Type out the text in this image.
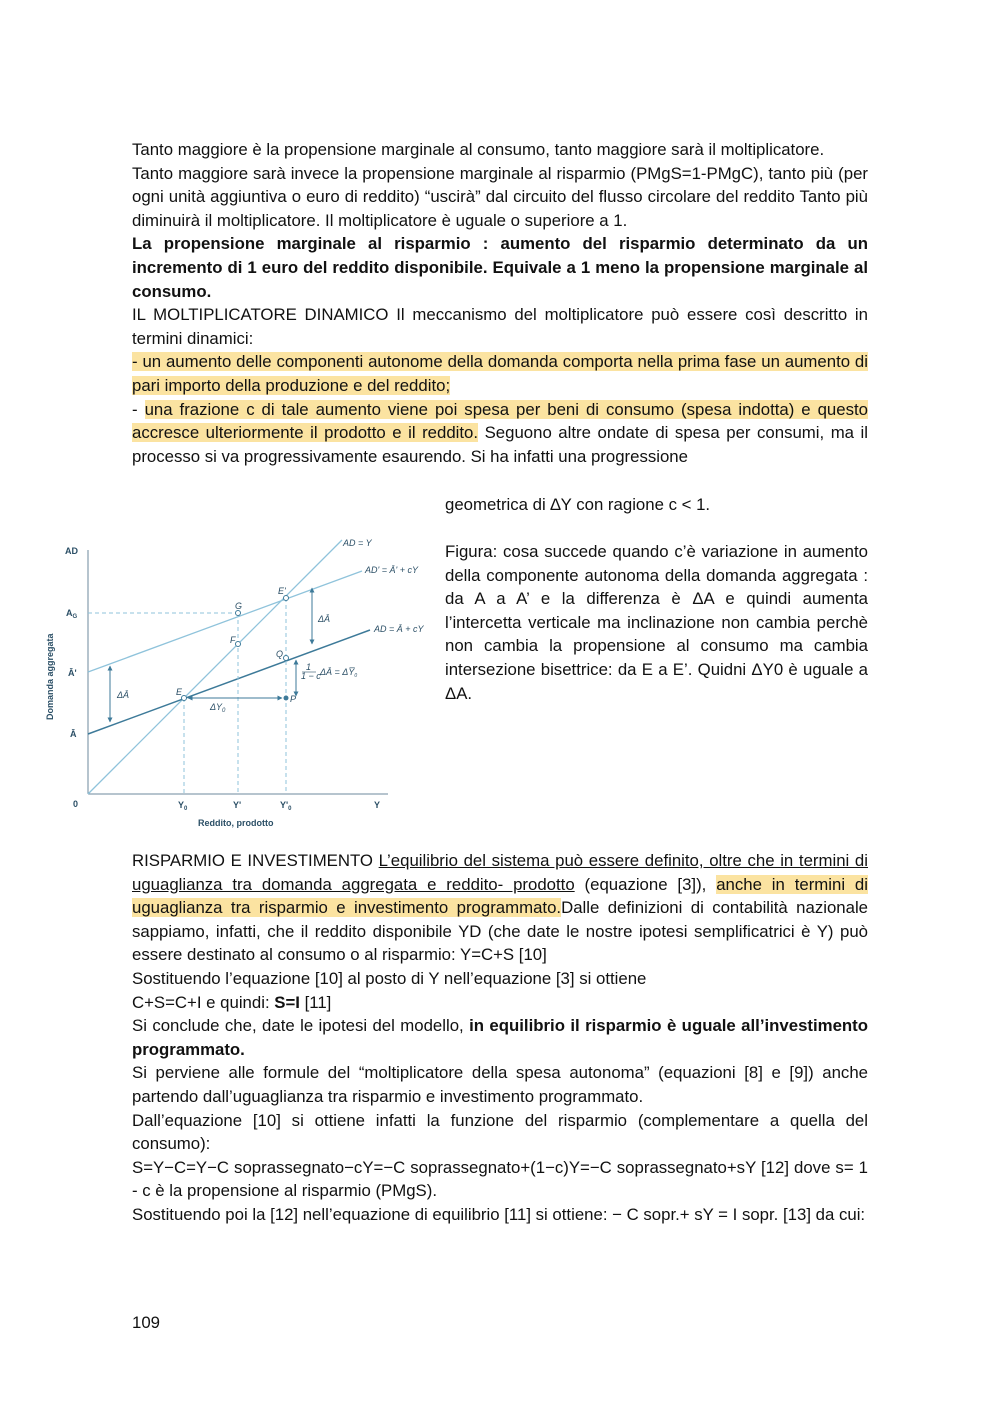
Tanto maggiore è la propensione marginale al consumo, tanto maggiore sarà il moltiplicatore.

Tanto maggiore sarà invece la propensione marginale al risparmio (PMgS=1-PMgC), tanto più (per ogni unità aggiuntiva o euro di reddito) “uscirà” dal circuito del flusso circolare del reddito Tanto più diminuirà il moltiplicatore. Il moltiplicatore è uguale o superiore a 1.

La propensione marginale al risparmio : aumento del risparmio determinato da un incremento di 1 euro del reddito disponibile. Equivale a 1 meno la propensione marginale al consumo.

IL MOLTIPLICATORE DINAMICO Il meccanismo del moltiplicatore può essere così descritto in termini dinamici:

- un aumento delle componenti autonome della domanda comporta nella prima fase un aumento di pari importo della produzione e del reddito;

- una frazione c di tale aumento viene poi spesa per beni di consumo (spesa indotta) e questo accresce ulteriormente il prodotto e il reddito. Seguono altre ondate di spesa per consumi, ma il processo si va progressivamente esaurendo. Si ha infatti una progressione

geometrica di ∆Y con ragione c < 1.

AD
Y
0
Domanda aggregata
Reddito, prodotto
AD = Y
AD' = Ā' + cY
AD = Ā + cY
$A_G$
Ā'
Ā
$Y_0$	Y'	$Y'_0$
E
E'
G
F
Q
P
ΔĀ
$\Delta Y_0$
ΔĀ
1
1 − c ΔĀ = $\Delta Y̅_0$

Figura: cosa succede quando c’è variazione in aumento della componente autonoma della domanda aggregata : da A a A’ e la differenza è ΔA e quindi aumenta l’intercetta verticale ma inclinazione non cambia perchè non cambia la propensione al consumo ma cambia intersezione bisettrice: da E a E’. Quidni ΔY0 è uguale a ΔA.

RISPARMIO E INVESTIMENTO L’equilibrio del sistema può essere definito, oltre che in termini di uguaglianza tra domanda aggregata e reddito- prodotto (equazione [3]), anche in termini di uguaglianza tra risparmio e investimento programmato.Dalle definizioni di contabilità nazionale sappiamo, infatti, che il reddito disponibile YD (che date le nostre ipotesi semplificatrici è Y) può essere destinato al consumo o al risparmio: Y=C+S [10]

Sostituendo l’equazione [10] al posto di Y nell’equazione [3] si ottiene

C+S=C+I e quindi: S=I [11]

Si conclude che, date le ipotesi del modello, in equilibrio il risparmio è uguale all’investimento programmato.

Si perviene alle formule del “moltiplicatore della spesa autonoma” (equazioni [8] e [9]) anche partendo dall’uguaglianza tra risparmio e investimento programmato.

Dall’equazione [10] si ottiene infatti la funzione del risparmio (complementare a quella del consumo):

S=Y−C=Y−C soprassegnato−cY=−C soprassegnato+(1−c)Y=−C soprassegnato+sY [12] dove s= 1 - c è la propensione al risparmio (PMgS).

Sostituendo poi la [12] nell’equazione di equilibrio [11] si ottiene: − C sopr.+ sY = I sopr. [13] da cui:

109
